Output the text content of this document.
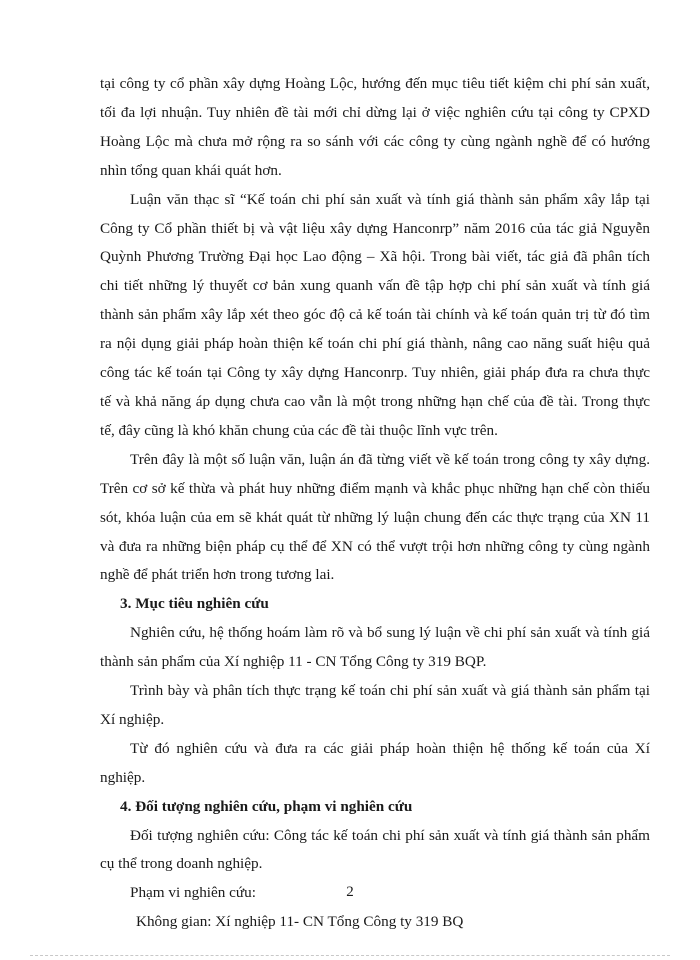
tại công ty cổ phần xây dựng Hoàng Lộc, hướng đến mục tiêu tiết kiệm chi phí sản xuất,
tối đa lợi nhuận. Tuy nhiên đề tài mới chỉ dừng lại ở việc nghiên cứu tại công ty CPXD
Hoàng Lộc mà chưa mở rộng ra so sánh với các công ty cùng ngành nghề để có hướng
nhìn tổng quan khái quát hơn.

Luận văn thạc sĩ “Kế toán chi phí sản xuất và tính giá thành sản phẩm xây lắp tại
Công ty Cổ phần thiết bị và vật liệu xây dựng Hanconrp” năm 2016 của tác giả Nguyễn
Quỳnh Phương Trường Đại học Lao động – Xã hội. Trong bài viết, tác giả đã phân tích
chi tiết những lý thuyết cơ bản xung quanh vấn đề tập hợp chi phí sản xuất và tính giá
thành sản phẩm xây lắp xét theo góc độ cả kế toán tài chính và kế toán quản trị từ đó tìm
ra nội dụng giải pháp hoàn thiện kế toán chi phí giá thành, nâng cao năng suất hiệu quả
công tác kế toán tại Công ty xây dựng Hanconrp. Tuy nhiên, giải pháp đưa ra chưa thực
tế và khả năng áp dụng chưa cao vẫn là một trong những hạn chế của đề tài. Trong thực
tế, đây cũng là khó khăn chung của các đề tài thuộc lĩnh vực trên.

Trên đây là một số luận văn, luận án đã từng viết về kế toán trong công ty xây dựng.
Trên cơ sở kế thừa và phát huy những điểm mạnh và khắc phục những hạn chế còn thiếu
sót, khóa luận của em sẽ khát quát từ những lý luận chung đến các thực trạng của XN 11
và đưa ra những biện pháp cụ thể để XN có thể vượt trội hơn những công ty cùng ngành
nghề để phát triển hơn trong tương lai.

3. Mục tiêu nghiên cứu

Nghiên cứu, hệ thống hoám làm rõ và bổ sung lý luận về chi phí sản xuất và tính giá
thành sản phẩm của Xí nghiệp 11 - CN Tổng Công ty 319 BQP.

Trình bày và phân tích thực trạng kế toán chi phí sản xuất và giá thành sản phẩm tại
Xí nghiệp.

Từ đó nghiên cứu và đưa ra các giải pháp hoàn thiện hệ thống kế toán của Xí
nghiệp.

4. Đối tượng nghiên cứu, phạm vi nghiên cứu

Đối tượng nghiên cứu: Công tác kế toán chi phí sản xuất và tính giá thành sản phẩm
cụ thể trong doanh nghiệp.

Phạm vi nghiên cứu:

Không gian: Xí nghiệp 11- CN Tổng Công ty 319 BQ

2
